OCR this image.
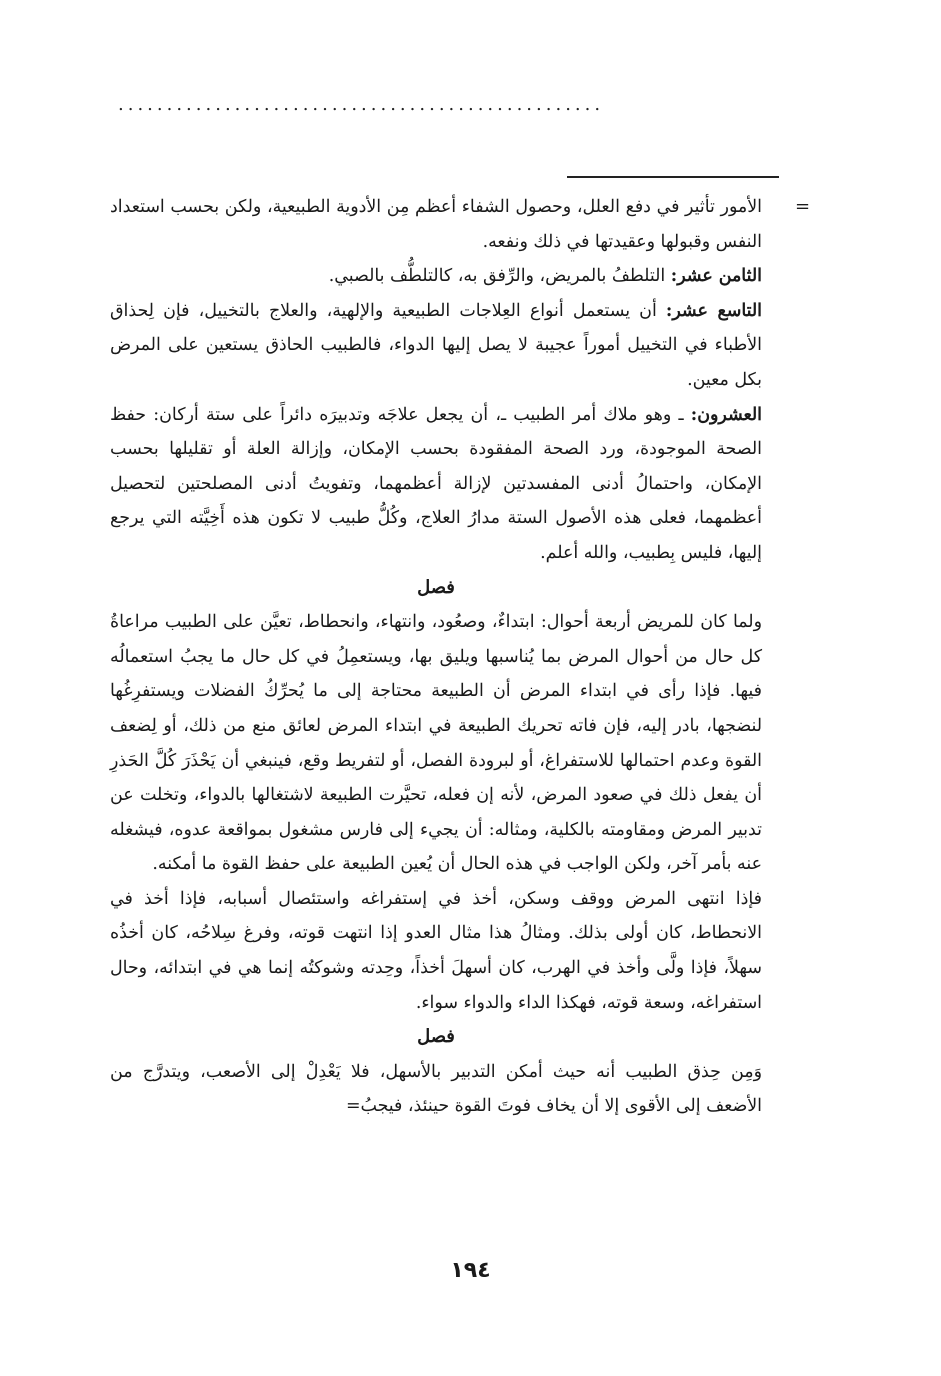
..................................................
=

الأمور تأثير في دفع العلل، وحصول الشفاء أعظم مِن الأدوية الطبيعية، ولكن بحسب استعداد النفس وقبولها وعقيدتها في ذلك ونفعه.

الثامن عشر: التلطفُ بالمريض، والرِّفق به، كالتلطُّف بالصبي.

التاسع عشر: أن يستعمل أنواع العِلاجات الطبيعية والإلهية، والعلاج بالتخييل، فإن لِحذاق الأطباء في التخييل أموراً عجيبة لا يصل إليها الدواء، فالطبيب الحاذق يستعين على المرض بكل معين.

العشرون: ـ وهو ملاك أمر الطبيب ـ، أن يجعل علاجَه وتدبيرَه دائراً على ستة أركان: حفظ الصحة الموجودة، ورد الصحة المفقودة بحسب الإمكان، وإزالة العلة أو تقليلها بحسب الإمكان، واحتمالُ أدنى المفسدتين لإزالة أعظمهما، وتفويتُ أدنى المصلحتين لتحصيل أعظمهما، فعلى هذه الأصول الستة مدارُ العلاج، وكُلُّ طبيب لا تكون هذه أَخِيَّته التي يرجع إليها، فليس بِطبيب، والله أعلم.

فصل

ولما كان للمريض أربعة أحوال: ابتداءٌ، وصعُود، وانتهاء، وانحطاط، تعيَّن على الطبيب مراعاةُ كل حال من أحوال المرض بما يُناسبها ويليق بها، ويستعمِلُ في كل حال ما يجبُ استعمالُه فيها. فإذا رأى في ابتداء المرض أن الطبيعة محتاجة إلى ما يُحرِّكُ الفضلات ويستفرِغُها لنضجها، بادر إليه، فإن فاته تحريك الطبيعة في ابتداء المرض لعائق منع من ذلك، أو لِضعف القوة وعدم احتمالها للاستفراغ، أو لبرودة الفصل، أو لتفريط وقع، فينبغي أن يَحْذَرَ كُلَّ الحَذرِ أن يفعل ذلك في صعود المرض، لأنه إن فعله، تحيَّرت الطبيعة لاشتغالها بالدواء، وتخلت عن تدبير المرض ومقاومته بالكلية، ومثاله: أن يجيء إلى فارس مشغول بمواقعة عدوه، فيشغله عنه بأمر آخر، ولكن الواجب في هذه الحال أن يُعين الطبيعة على حفظ القوة ما أمكنه.

فإذا انتهى المرض ووقف وسكن، أخذ في إستفراغه واستئصال أسبابه، فإذا أخذ في الانحطاط، كان أولى بذلك. ومثالُ هذا مثال العدو إذا انتهت قوته، وفرغ سِلاحُه، كان أخذُه سهلاً، فإذا ولَّى وأخذ في الهرب، كان أسهلَ أخذاً، وحِدته وشوكتُه إنما هي في ابتدائه، وحال استفراغه، وسعة قوته، فهكذا الداء والدواء سواء.

فصل

وَمِن حِذق الطبيب أنه حيث أمكن التدبير بالأسهل، فلا يَعْدِلْ إلى الأصعب، ويتدرَّج من الأضعف إلى الأقوى إلا أن يخاف فوتَ القوة حينئذ، فيجبُ=

١٩٤
